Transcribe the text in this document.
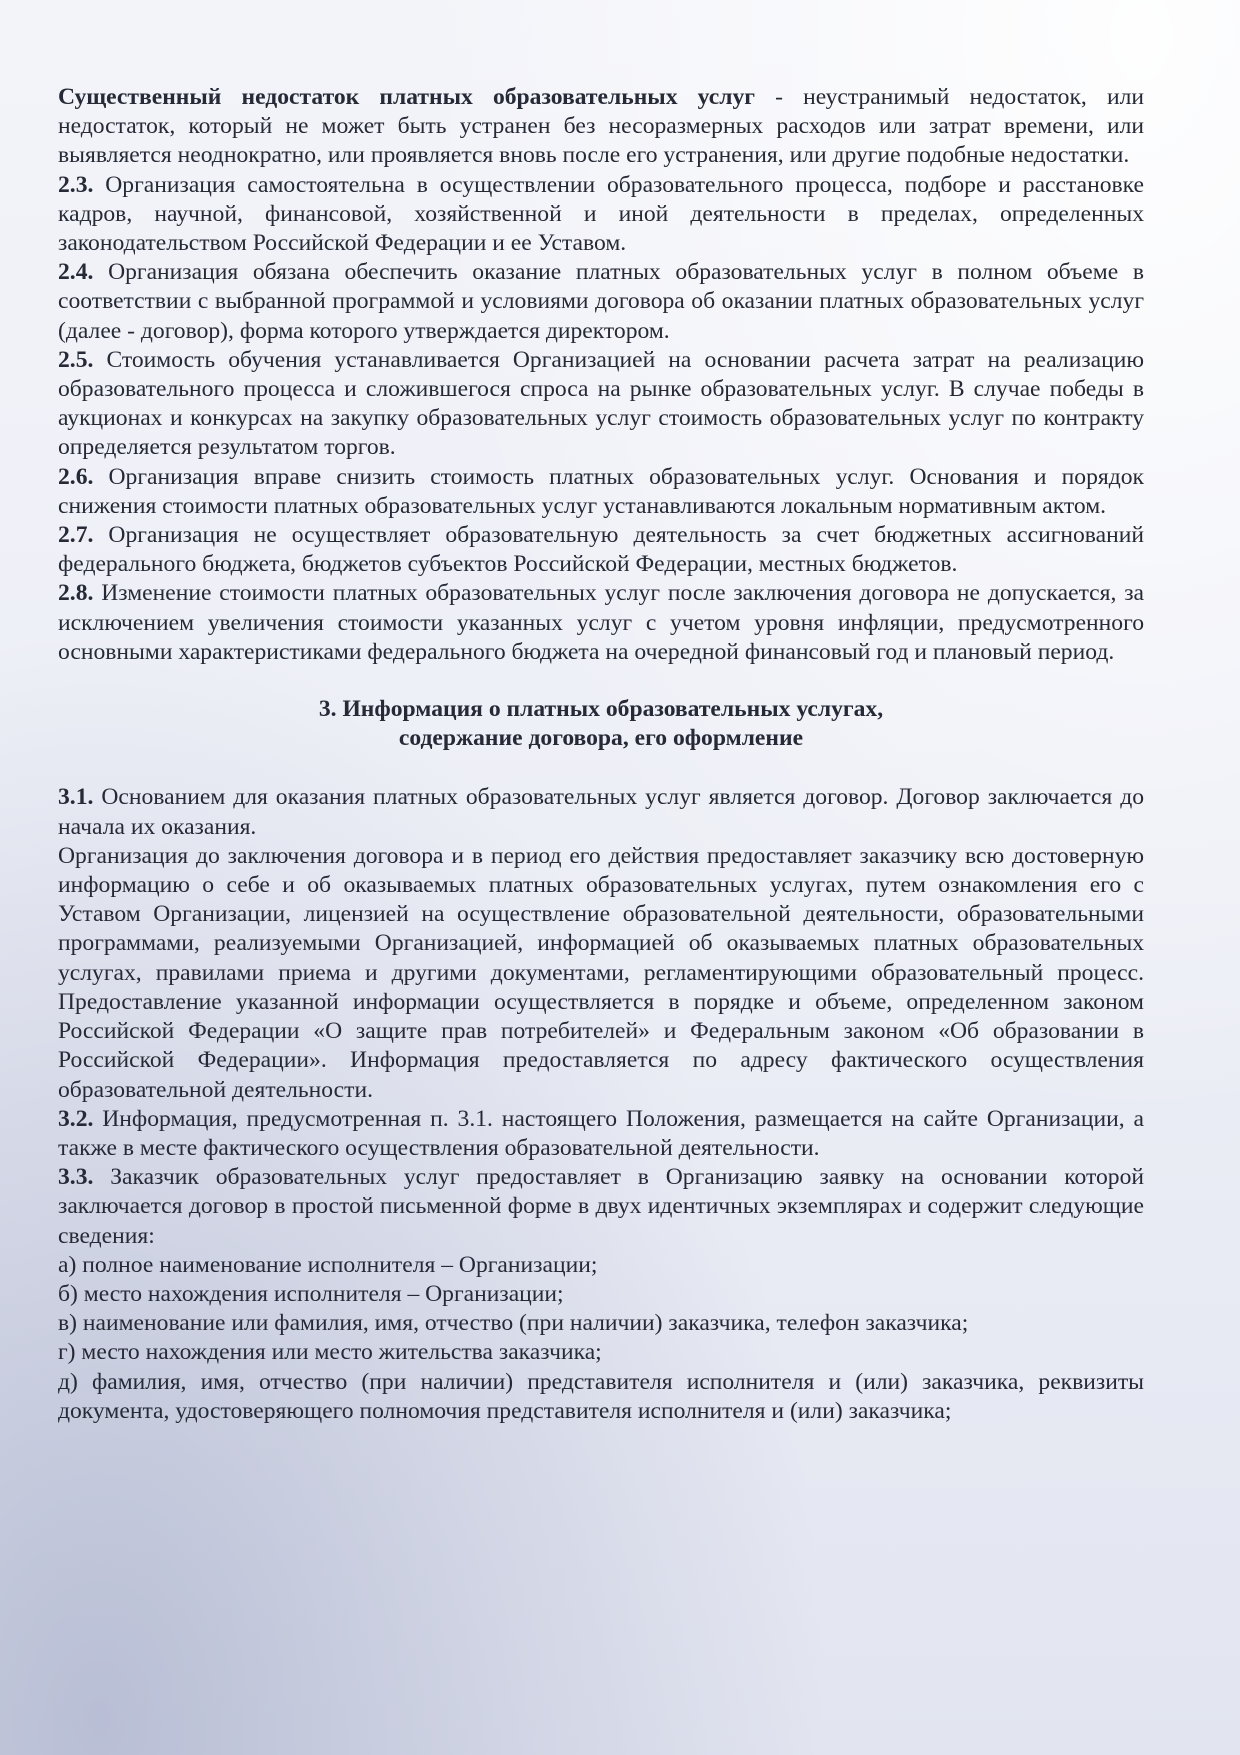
Существенный недостаток платных образовательных услуг - неустранимый недостаток, или недостаток, который не может быть устранен без несоразмерных расходов или затрат времени, или выявляется неоднократно, или проявляется вновь после его устранения, или другие подобные недостатки.

2.3. Организация самостоятельна в осуществлении образовательного процесса, подборе и расстановке кадров, научной, финансовой, хозяйственной и иной деятельности в пределах, определенных законодательством Российской Федерации и ее Уставом.

2.4. Организация обязана обеспечить оказание платных образовательных услуг в полном объеме в соответствии с выбранной программой и условиями договора об оказании платных образовательных услуг (далее - договор), форма которого утверждается директором.

2.5. Стоимость обучения устанавливается Организацией на основании расчета затрат на реализацию образовательного процесса и сложившегося спроса на рынке образовательных услуг. В случае победы в аукционах и конкурсах на закупку образовательных услуг стоимость образовательных услуг по контракту определяется результатом торгов.

2.6. Организация вправе снизить стоимость платных образовательных услуг. Основания и порядок снижения стоимости платных образовательных услуг устанавливаются локальным нормативным актом.

2.7. Организация не осуществляет образовательную деятельность за счет бюджетных ассигнований федерального бюджета, бюджетов субъектов Российской Федерации, местных бюджетов.

2.8. Изменение стоимости платных образовательных услуг после заключения договора не допускается, за исключением увеличения стоимости указанных услуг с учетом уровня инфляции, предусмотренного основными характеристиками федерального бюджета на очередной финансовый год и плановый период.

3. Информация о платных образовательных услугах,

содержание договора, его оформление

3.1. Основанием для оказания платных образовательных услуг является договор. Договор заключается до начала их оказания.

Организация до заключения договора и в период его действия предоставляет заказчику всю достоверную информацию о себе и об оказываемых платных образовательных услугах, путем ознакомления его с Уставом Организации, лицензией на осуществление образовательной деятельности, образовательными программами, реализуемыми Организацией, информацией об оказываемых платных образовательных услугах, правилами приема и другими документами, регламентирующими образовательный процесс. Предоставление указанной информации осуществляется в порядке и объеме, определенном законом Российской Федерации «О защите прав потребителей» и Федеральным законом «Об образовании в Российской Федерации». Информация предоставляется по адресу фактического осуществления образовательной деятельности.

3.2. Информация, предусмотренная п. 3.1. настоящего Положения, размещается на сайте Организации, а также в месте фактического осуществления образовательной деятельности.

3.3. Заказчик образовательных услуг предоставляет в Организацию заявку на основании которой заключается договор в простой письменной форме в двух идентичных экземплярах и содержит следующие сведения:

а) полное наименование исполнителя – Организации;

б) место нахождения исполнителя – Организации;

в) наименование или фамилия, имя, отчество (при наличии) заказчика, телефон заказчика;

г) место нахождения или место жительства заказчика;

д) фамилия, имя, отчество (при наличии) представителя исполнителя и (или) заказчика, реквизиты документа, удостоверяющего полномочия представителя исполнителя и (или) заказчика;
